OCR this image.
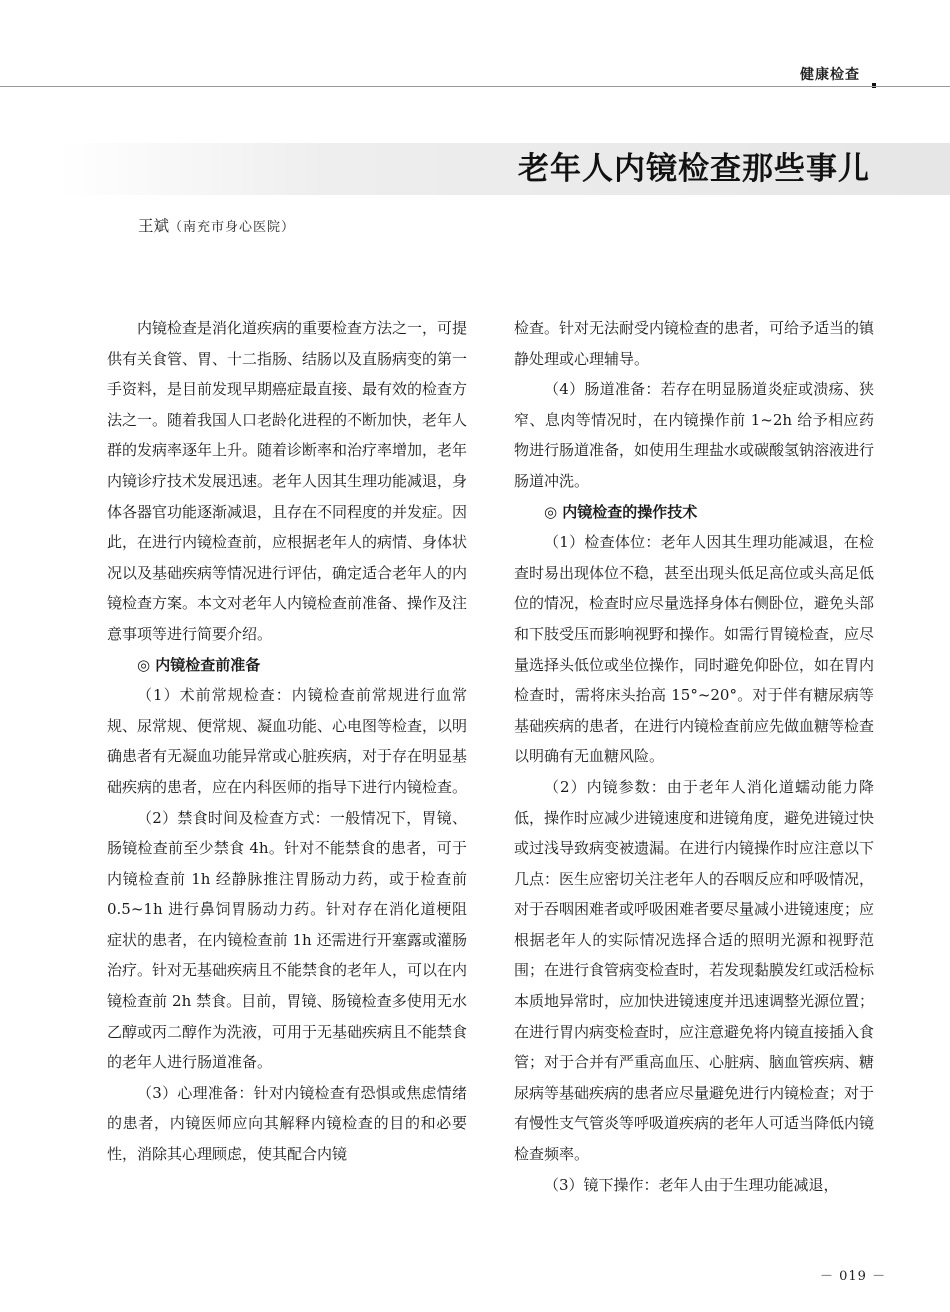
健康检查
老年人内镜检查那些事儿
王斌（南充市身心医院）

内镜检查是消化道疾病的重要检查方法之一，可提供有关食管、胃、十二指肠、结肠以及直肠病变的第一手资料，是目前发现早期癌症最直接、最有效的检查方法之一。随着我国人口老龄化进程的不断加快，老年人群的发病率逐年上升。随着诊断率和治疗率增加，老年内镜诊疗技术发展迅速。老年人因其生理功能减退，身体各器官功能逐渐减退，且存在不同程度的并发症。因此，在进行内镜检查前，应根据老年人的病情、身体状况以及基础疾病等情况进行评估，确定适合老年人的内镜检查方案。本文对老年人内镜检查前准备、操作及注意事项等进行简要介绍。

◎ 内镜检查前准备

（1）术前常规检查：内镜检查前常规进行血常规、尿常规、便常规、凝血功能、心电图等检查，以明确患者有无凝血功能异常或心脏疾病，对于存在明显基础疾病的患者，应在内科医师的指导下进行内镜检查。

（2）禁食时间及检查方式：一般情况下，胃镜、肠镜检查前至少禁食 4h。针对不能禁食的患者，可于内镜检查前 1h 经静脉推注胃肠动力药，或于检查前 0.5~1h 进行鼻饲胃肠动力药。针对存在消化道梗阻症状的患者，在内镜检查前 1h 还需进行开塞露或灌肠治疗。针对无基础疾病且不能禁食的老年人，可以在内镜检查前 2h 禁食。目前，胃镜、肠镜检查多使用无水乙醇或丙二醇作为洗液，可用于无基础疾病且不能禁食的老年人进行肠道准备。

（3）心理准备：针对内镜检查有恐惧或焦虑情绪的患者，内镜医师应向其解释内镜检查的目的和必要性，消除其心理顾虑，使其配合内镜

检查。针对无法耐受内镜检查的患者，可给予适当的镇静处理或心理辅导。

（4）肠道准备：若存在明显肠道炎症或溃疡、狭窄、息肉等情况时，在内镜操作前 1~2h 给予相应药物进行肠道准备，如使用生理盐水或碳酸氢钠溶液进行肠道冲洗。

◎ 内镜检查的操作技术

（1）检查体位：老年人因其生理功能减退，在检查时易出现体位不稳，甚至出现头低足高位或头高足低位的情况，检查时应尽量选择身体右侧卧位，避免头部和下肢受压而影响视野和操作。如需行胃镜检查，应尽量选择头低位或坐位操作，同时避免仰卧位，如在胃内检查时，需将床头抬高 15°~20°。对于伴有糖尿病等基础疾病的患者，在进行内镜检查前应先做血糖等检查以明确有无血糖风险。

（2）内镜参数：由于老年人消化道蠕动能力降低，操作时应减少进镜速度和进镜角度，避免进镜过快或过浅导致病变被遗漏。在进行内镜操作时应注意以下几点：医生应密切关注老年人的吞咽反应和呼吸情况，对于吞咽困难者或呼吸困难者要尽量减小进镜速度；应根据老年人的实际情况选择合适的照明光源和视野范围；在进行食管病变检查时，若发现黏膜发红或活检标本质地异常时，应加快进镜速度并迅速调整光源位置；在进行胃内病变检查时，应注意避免将内镜直接插入食管；对于合并有严重高血压、心脏病、脑血管疾病、糖尿病等基础疾病的患者应尽量避免进行内镜检查；对于有慢性支气管炎等呼吸道疾病的老年人可适当降低内镜检查频率。

（3）镜下操作：老年人由于生理功能减退，

－ 019 －
